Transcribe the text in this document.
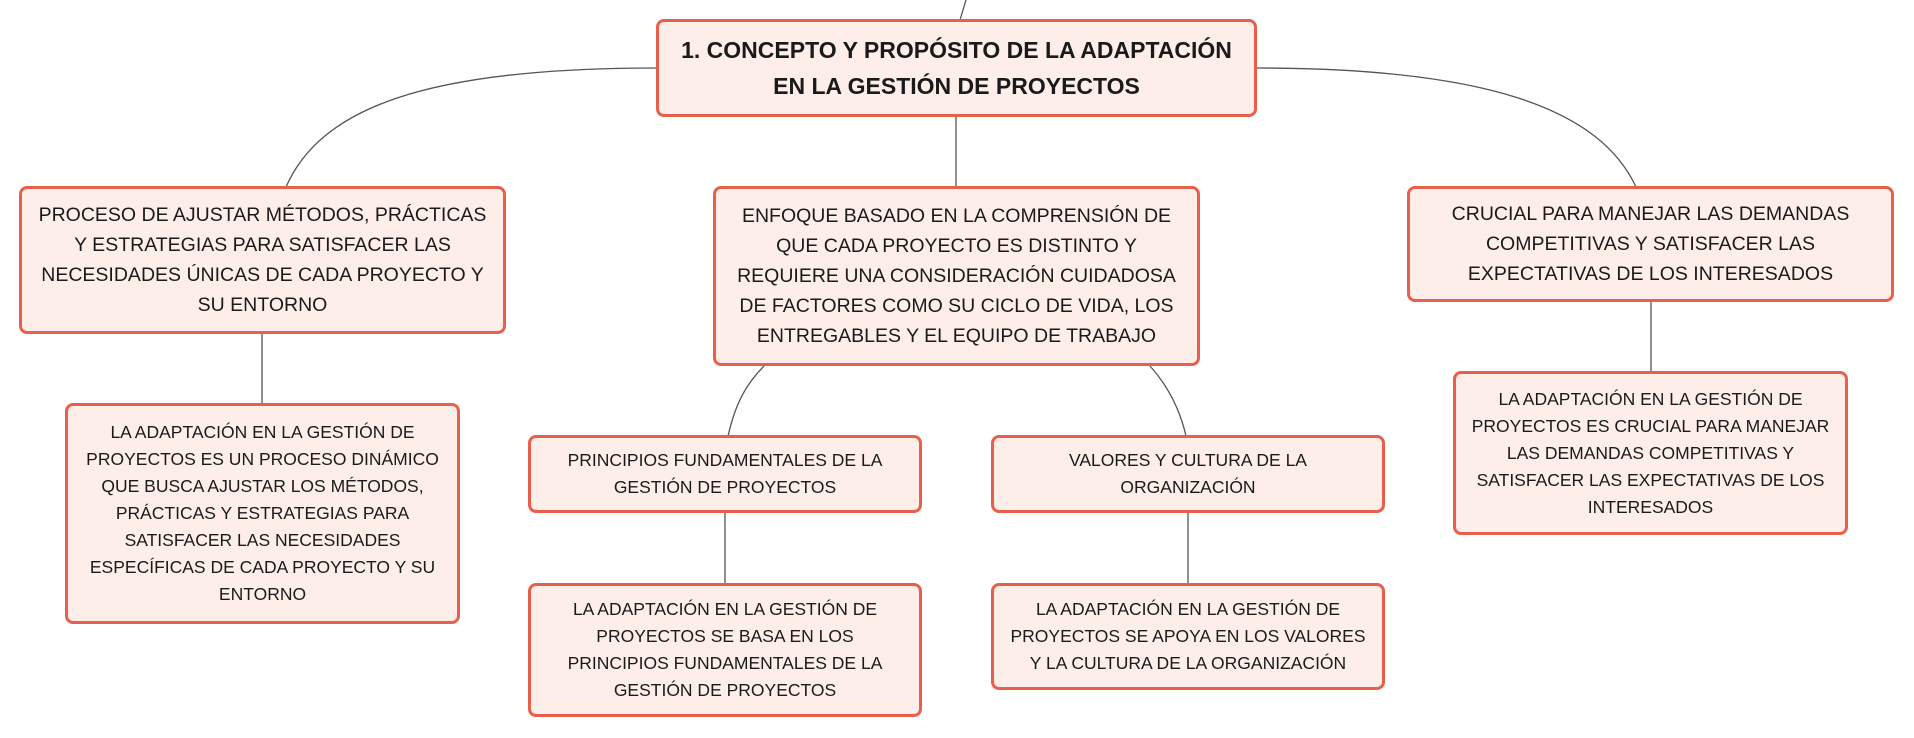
1. CONCEPTO Y PROPÓSITO DE LA ADAPTACIÓN EN LA GESTIÓN DE PROYECTOS
PROCESO DE AJUSTAR MÉTODOS, PRÁCTICAS Y ESTRATEGIAS PARA SATISFACER LAS NECESIDADES ÚNICAS DE CADA PROYECTO Y SU ENTORNO
ENFOQUE BASADO EN LA COMPRENSIÓN DE QUE CADA PROYECTO ES DISTINTO Y REQUIERE UNA CONSIDERACIÓN CUIDADOSA DE FACTORES COMO SU CICLO DE VIDA, LOS ENTREGABLES Y EL EQUIPO DE TRABAJO
CRUCIAL PARA MANEJAR LAS DEMANDAS COMPETITIVAS Y SATISFACER LAS EXPECTATIVAS DE LOS INTERESADOS
LA ADAPTACIÓN EN LA GESTIÓN DE PROYECTOS ES UN PROCESO DINÁMICO QUE BUSCA AJUSTAR LOS MÉTODOS, PRÁCTICAS Y ESTRATEGIAS PARA SATISFACER LAS NECESIDADES ESPECÍFICAS DE CADA PROYECTO Y SU ENTORNO
PRINCIPIOS FUNDAMENTALES DE LA GESTIÓN DE PROYECTOS
VALORES Y CULTURA DE LA ORGANIZACIÓN
LA ADAPTACIÓN EN LA GESTIÓN DE PROYECTOS SE BASA EN LOS PRINCIPIOS FUNDAMENTALES DE LA GESTIÓN DE PROYECTOS
LA ADAPTACIÓN EN LA GESTIÓN DE PROYECTOS SE APOYA EN LOS VALORES Y LA CULTURA DE LA ORGANIZACIÓN
LA ADAPTACIÓN EN LA GESTIÓN DE PROYECTOS ES CRUCIAL PARA MANEJAR LAS DEMANDAS COMPETITIVAS Y SATISFACER LAS EXPECTATIVAS DE LOS INTERESADOS
